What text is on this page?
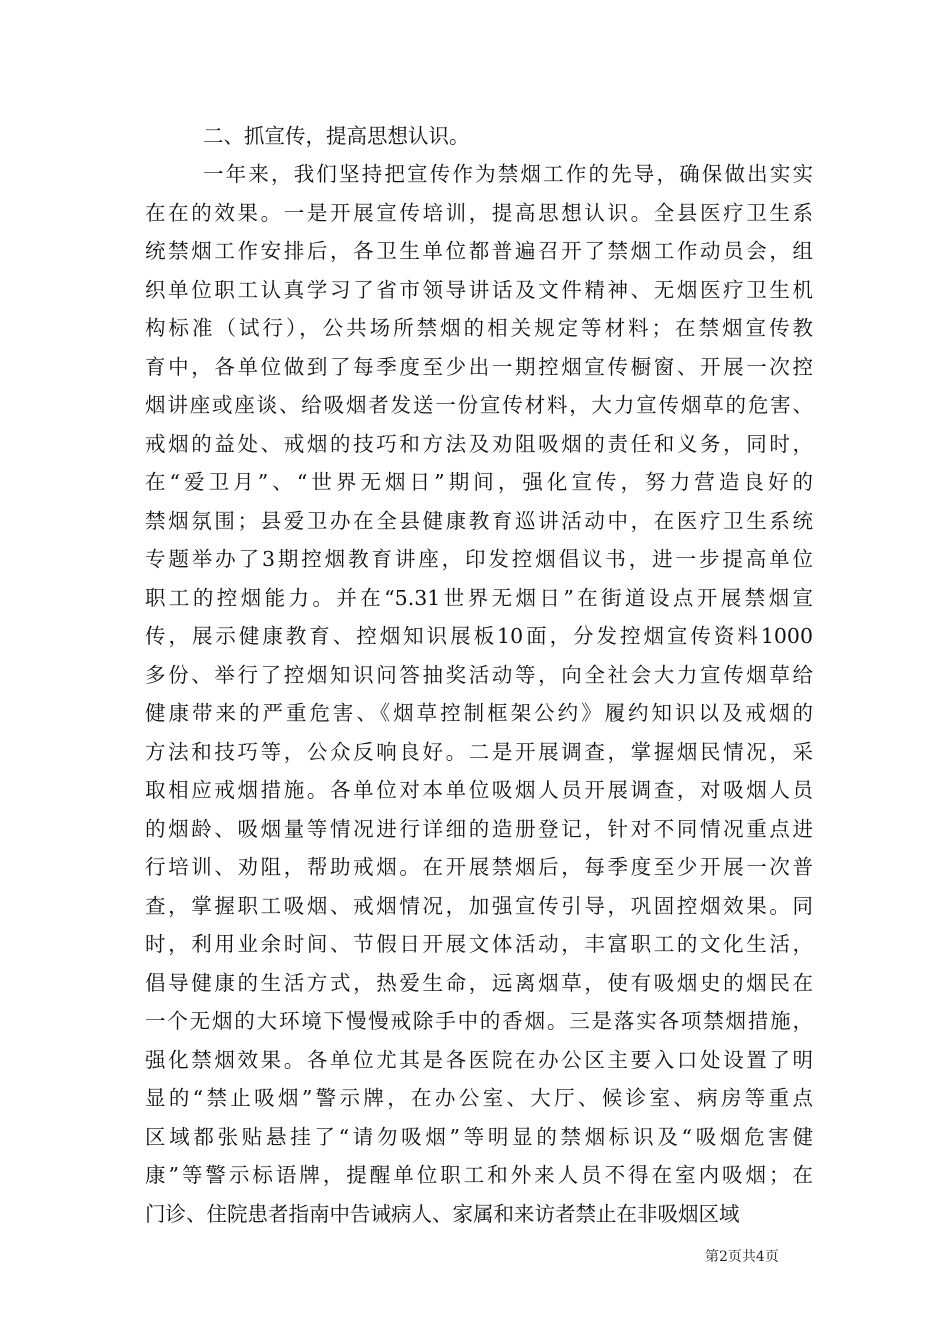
二、抓宣传，提高思想认识。
一年来，我们坚持把宣传作为禁烟工作的先导，确保做出实实
在在的效果。一是开展宣传培训，提高思想认识。全县医疗卫生系
统禁烟工作安排后，各卫生单位都普遍召开了禁烟工作动员会，组
织单位职工认真学习了省市领导讲话及文件精神、无烟医疗卫生机
构标准（试行），公共场所禁烟的相关规定等材料；在禁烟宣传教
育中，各单位做到了每季度至少出一期控烟宣传橱窗、开展一次控
烟讲座或座谈、给吸烟者发送一份宣传材料，大力宣传烟草的危害、
戒烟的益处、戒烟的技巧和方法及劝阻吸烟的责任和义务，同时，
在“爱卫月”、“世界无烟日”期间，强化宣传，努力营造良好的
禁烟氛围；县爱卫办在全县健康教育巡讲活动中，在医疗卫生系统
专题举办了3期控烟教育讲座，印发控烟倡议书，进一步提高单位
职工的控烟能力。并在“5.31世界无烟日”在街道设点开展禁烟宣
传，展示健康教育、控烟知识展板10面，分发控烟宣传资料1000
多份、举行了控烟知识问答抽奖活动等，向全社会大力宣传烟草给
健康带来的严重危害、《烟草控制框架公约》履约知识以及戒烟的
方法和技巧等，公众反响良好。二是开展调查，掌握烟民情况，采
取相应戒烟措施。各单位对本单位吸烟人员开展调查，对吸烟人员
的烟龄、吸烟量等情况进行详细的造册登记，针对不同情况重点进
行培训、劝阻，帮助戒烟。在开展禁烟后，每季度至少开展一次普
查，掌握职工吸烟、戒烟情况，加强宣传引导，巩固控烟效果。同
时，利用业余时间、节假日开展文体活动，丰富职工的文化生活，
倡导健康的生活方式，热爱生命，远离烟草，使有吸烟史的烟民在
一个无烟的大环境下慢慢戒除手中的香烟。三是落实各项禁烟措施，
强化禁烟效果。各单位尤其是各医院在办公区主要入口处设置了明
显的“禁止吸烟”警示牌，在办公室、大厅、候诊室、病房等重点
区域都张贴悬挂了“请勿吸烟”等明显的禁烟标识及“吸烟危害健
康”等警示标语牌，提醒单位职工和外来人员不得在室内吸烟；在
门诊、住院患者指南中告诫病人、家属和来访者禁止在非吸烟区域
第2页共4页
